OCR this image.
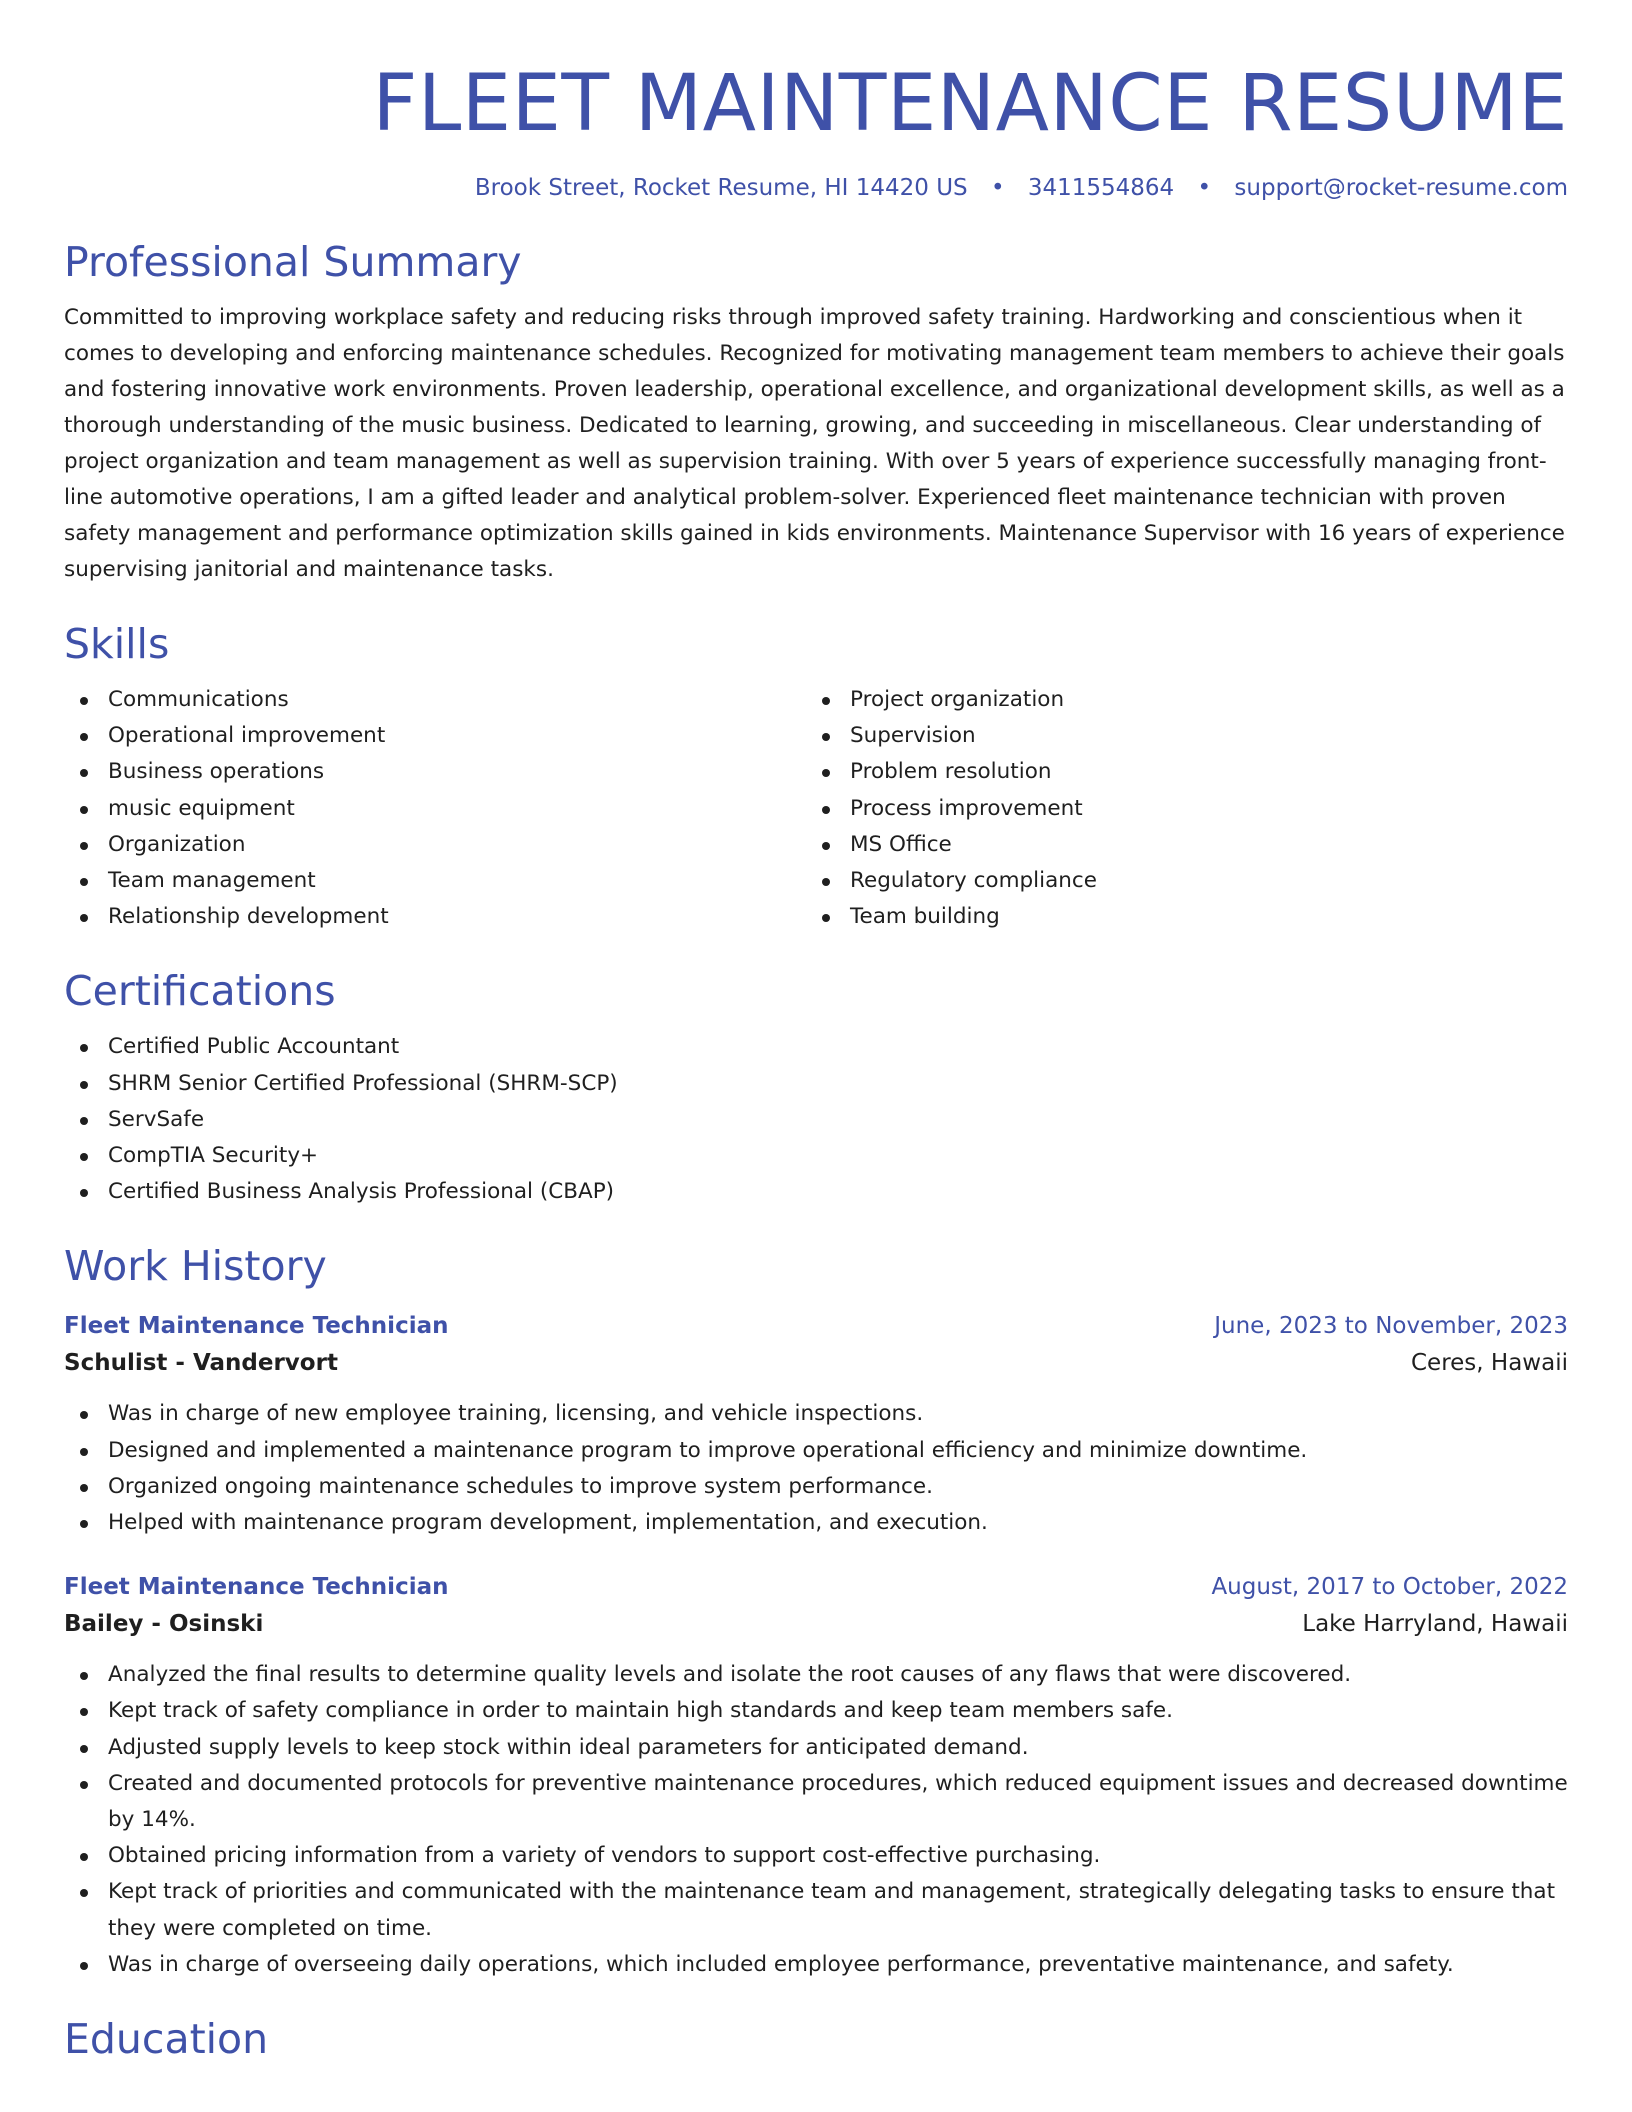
FLEET MAINTENANCE RESUME
Brook Street, Rocket Resume, HI 14420 US • 3411554864 • support@rocket-resume.com
Professional Summary

Committed to improving workplace safety and reducing risks through improved safety training. Hardworking and conscientious when it comes to developing and enforcing maintenance schedules. Recognized for motivating management team members to achieve their goals and fostering innovative work environments. Proven leadership, operational excellence, and organizational development skills, as well as a thorough understanding of the music business. Dedicated to learning, growing, and succeeding in miscellaneous. Clear understanding of project organization and team management as well as supervision training. With over 5 years of experience successfully managing front-line automotive operations, I am a gifted leader and analytical problem-solver. Experienced fleet maintenance technician with proven safety management and performance optimization skills gained in kids environments. Maintenance Supervisor with 16 years of experience supervising janitorial and maintenance tasks.

Skills
Communications
Operational improvement
Business operations
music equipment
Organization
Team management
Relationship development
Project organization
Supervision
Problem resolution
Process improvement
MS Office
Regulatory compliance
Team building
Certifications
Certified Public Accountant
SHRM Senior Certified Professional (SHRM-SCP)
ServSafe
CompTIA Security+
Certified Business Analysis Professional (CBAP)
Work History
Fleet Maintenance Technician	June, 2023 to November, 2023
Schulist - Vandervort	Ceres, Hawaii
Was in charge of new employee training, licensing, and vehicle inspections.
Designed and implemented a maintenance program to improve operational efficiency and minimize downtime.
Organized ongoing maintenance schedules to improve system performance.
Helped with maintenance program development, implementation, and execution.
Fleet Maintenance Technician	August, 2017 to October, 2022
Bailey - Osinski	Lake Harryland, Hawaii
Analyzed the final results to determine quality levels and isolate the root causes of any flaws that were discovered.
Kept track of safety compliance in order to maintain high standards and keep team members safe.
Adjusted supply levels to keep stock within ideal parameters for anticipated demand.
Created and documented protocols for preventive maintenance procedures, which reduced equipment issues and decreased downtime by 14%.
Obtained pricing information from a variety of vendors to support cost-effective purchasing.
Kept track of priorities and communicated with the maintenance team and management, strategically delegating tasks to ensure that they were completed on time.
Was in charge of overseeing daily operations, which included employee performance, preventative maintenance, and safety.
Education
